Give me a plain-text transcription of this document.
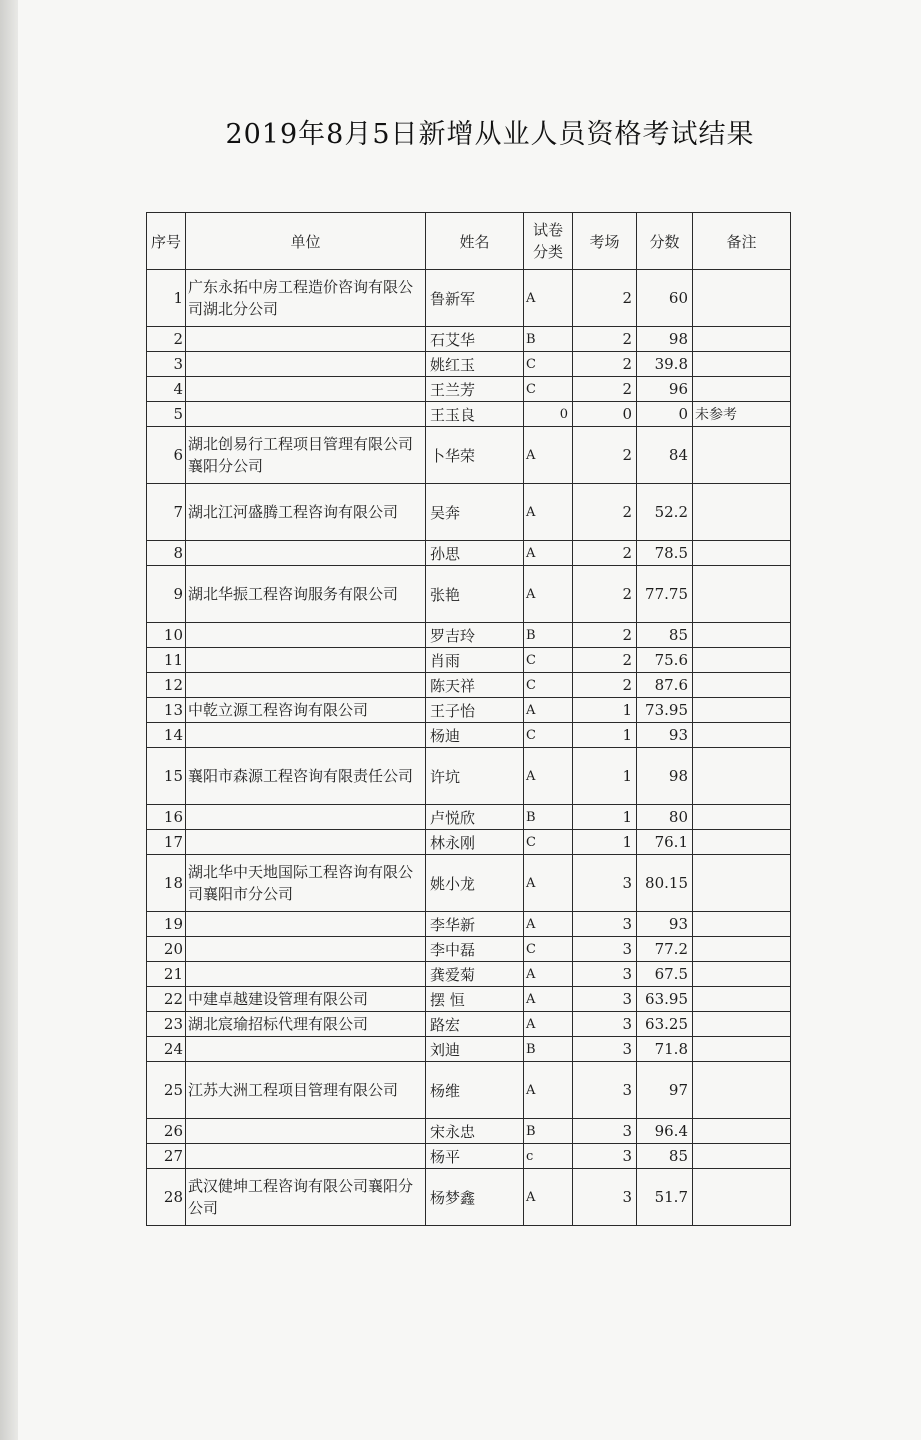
2019年8月5日新增从业人员资格考试结果
序号	单位	姓名	试卷分类	考场	分数	备注
1	广东永拓中房工程造价咨询有限公司湖北分公司	鲁新军	A	2	60	
2		石艾华	B	2	98	
3		姚红玉	C	2	39.8	
4		王兰芳	C	2	96	
5		王玉良	0	0	0	未参考
6	湖北创易行工程项目管理有限公司襄阳分公司	卜华荣	A	2	84	
7	湖北江河盛腾工程咨询有限公司	吴奔	A	2	52.2	
8		孙思	A	2	78.5	
9	湖北华振工程咨询服务有限公司	张艳	A	2	77.75	
10		罗吉玲	B	2	85	
11		肖雨	C	2	75.6	
12		陈天祥	C	2	87.6	
13	中乾立源工程咨询有限公司	王子怡	A	1	73.95	
14		杨迪	C	1	93	
15	襄阳市森源工程咨询有限责任公司	许坑	A	1	98	
16		卢悦欣	B	1	80	
17		林永刚	C	1	76.1	
18	湖北华中天地国际工程咨询有限公司襄阳市分公司	姚小龙	A	3	80.15	
19		李华新	A	3	93	
20		李中磊	C	3	77.2	
21		龚爱菊	A	3	67.5	
22	中建卓越建设管理有限公司	摆 恒	A	3	63.95	
23	湖北宸瑜招标代理有限公司	路宏	A	3	63.25	
24		刘迪	B	3	71.8	
25	江苏大洲工程项目管理有限公司	杨维	A	3	97	
26		宋永忠	B	3	96.4	
27		杨平	c	3	85	
28	武汉健坤工程咨询有限公司襄阳分公司	杨梦鑫	A	3	51.7	
